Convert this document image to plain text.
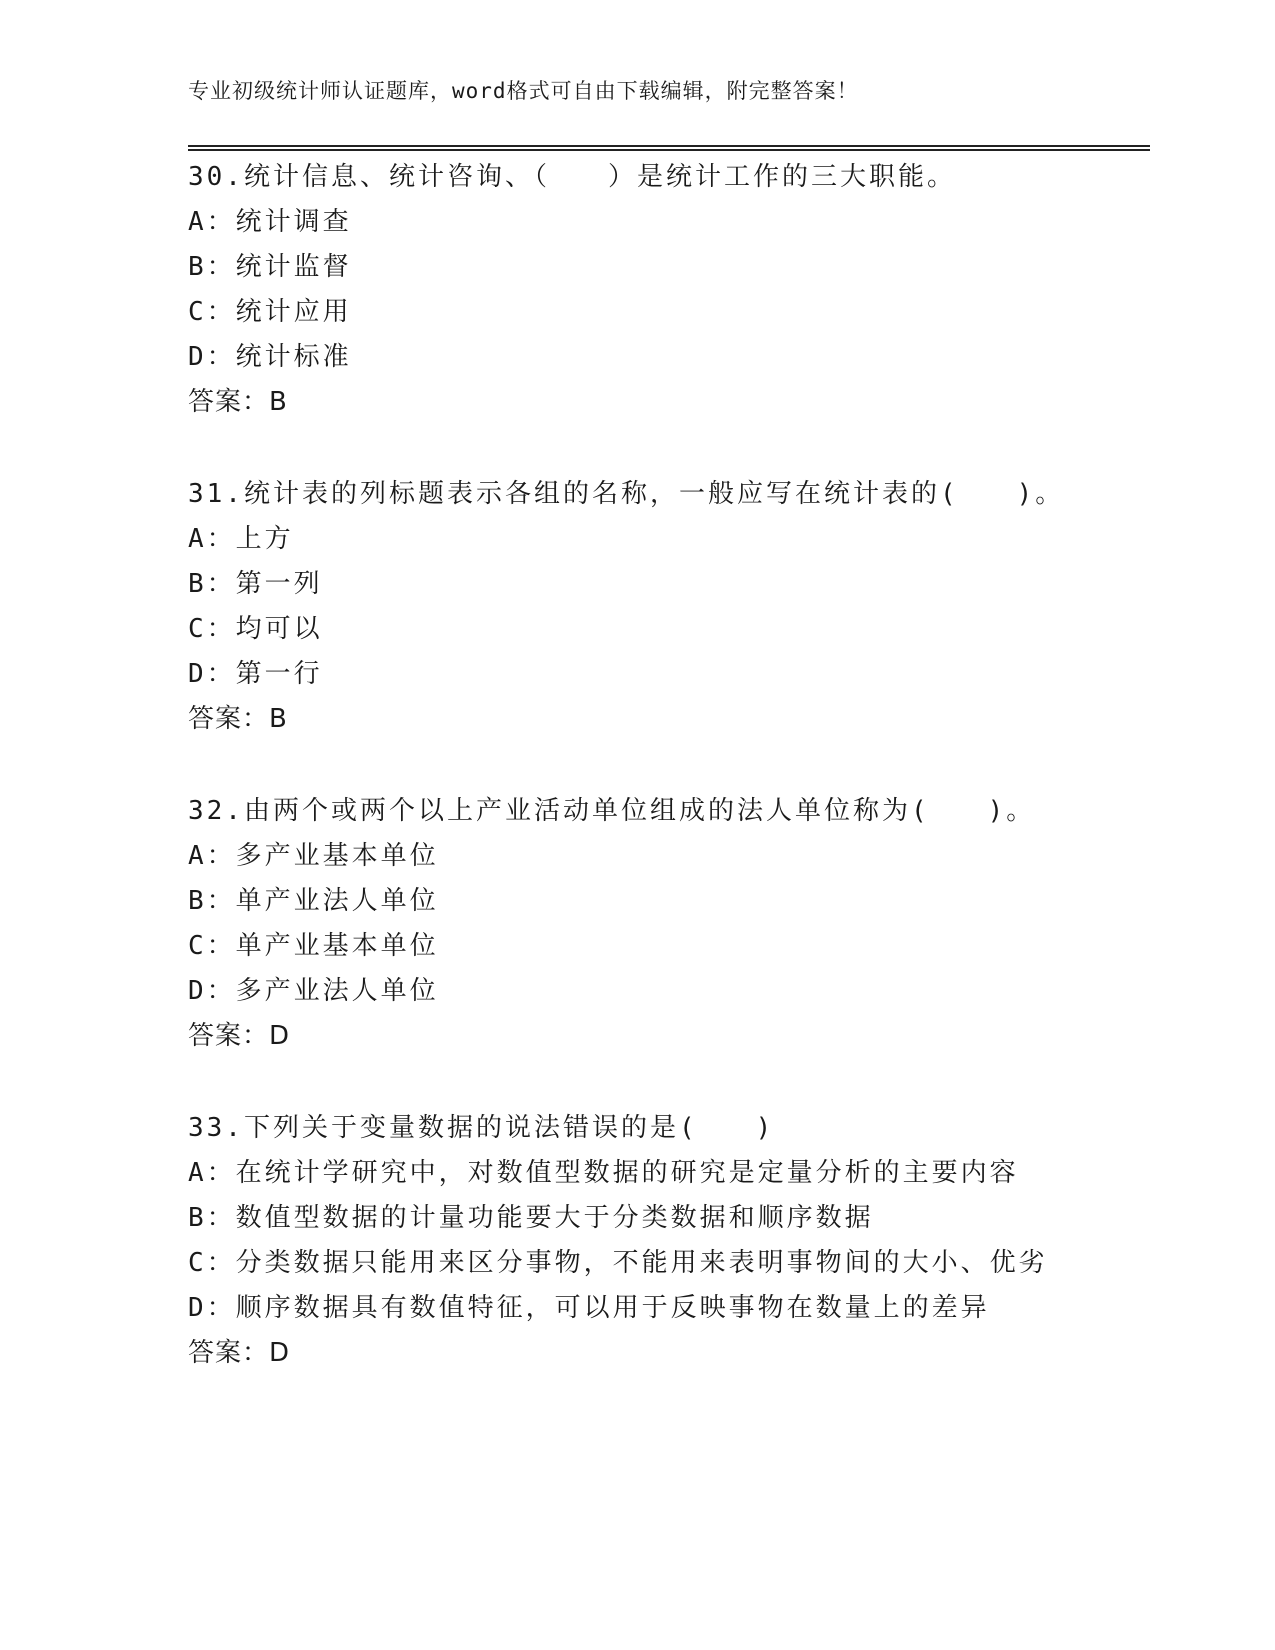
专业初级统计师认证题库，word格式可自由下载编辑，附完整答案！
30.统计信息、统计咨询、（　　）是统计工作的三大职能。
A：统计调查
B：统计监督
C：统计应用
D：统计标准
答案：B
31.统计表的列标题表示各组的名称，一般应写在统计表的(　　)。
A：上方
B：第一列
C：均可以
D：第一行
答案：B
32.由两个或两个以上产业活动单位组成的法人单位称为(　　)。
A：多产业基本单位
B：单产业法人单位
C：单产业基本单位
D：多产业法人单位
答案：D
33.下列关于变量数据的说法错误的是(　　)
A：在统计学研究中，对数值型数据的研究是定量分析的主要内容
B：数值型数据的计量功能要大于分类数据和顺序数据
C：分类数据只能用来区分事物，不能用来表明事物间的大小、优劣
D：顺序数据具有数值特征，可以用于反映事物在数量上的差异
答案：D
